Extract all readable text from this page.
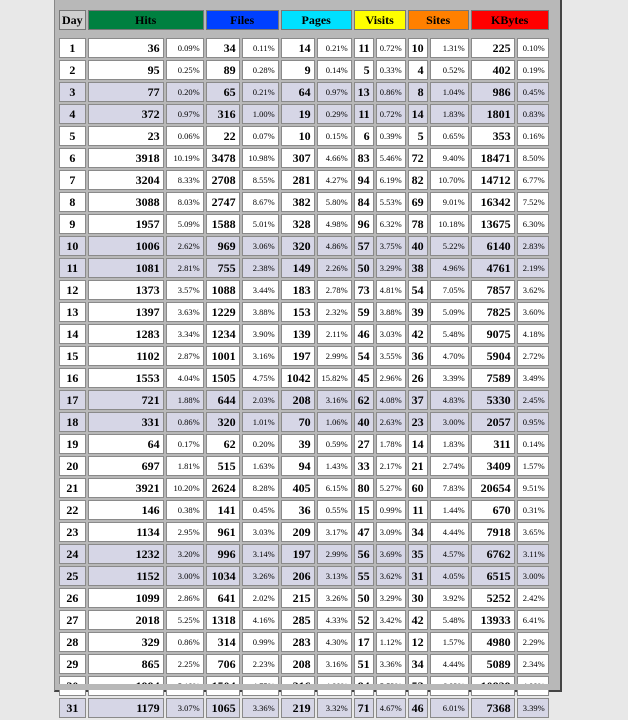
Day	Hits		Files		Pages		Visits		Sites		KBytes	

1	36	0.09%	34	0.11%	14	0.21%	11	0.72%	10	1.31%	225	0.10%
2	95	0.25%	89	0.28%	9	0.14%	5	0.33%	4	0.52%	402	0.19%
3	77	0.20%	65	0.21%	64	0.97%	13	0.86%	8	1.04%	986	0.45%
4	372	0.97%	316	1.00%	19	0.29%	11	0.72%	14	1.83%	1801	0.83%
5	23	0.06%	22	0.07%	10	0.15%	6	0.39%	5	0.65%	353	0.16%
6	3918	10.19%	3478	10.98%	307	4.66%	83	5.46%	72	9.40%	18471	8.50%
7	3204	8.33%	2708	8.55%	281	4.27%	94	6.19%	82	10.70%	14712	6.77%
8	3088	8.03%	2747	8.67%	382	5.80%	84	5.53%	69	9.01%	16342	7.52%
9	1957	5.09%	1588	5.01%	328	4.98%	96	6.32%	78	10.18%	13675	6.30%
10	1006	2.62%	969	3.06%	320	4.86%	57	3.75%	40	5.22%	6140	2.83%
11	1081	2.81%	755	2.38%	149	2.26%	50	3.29%	38	4.96%	4761	2.19%
12	1373	3.57%	1088	3.44%	183	2.78%	73	4.81%	54	7.05%	7857	3.62%
13	1397	3.63%	1229	3.88%	153	2.32%	59	3.88%	39	5.09%	7825	3.60%
14	1283	3.34%	1234	3.90%	139	2.11%	46	3.03%	42	5.48%	9075	4.18%
15	1102	2.87%	1001	3.16%	197	2.99%	54	3.55%	36	4.70%	5904	2.72%
16	1553	4.04%	1505	4.75%	1042	15.82%	45	2.96%	26	3.39%	7589	3.49%
17	721	1.88%	644	2.03%	208	3.16%	62	4.08%	37	4.83%	5330	2.45%
18	331	0.86%	320	1.01%	70	1.06%	40	2.63%	23	3.00%	2057	0.95%
19	64	0.17%	62	0.20%	39	0.59%	27	1.78%	14	1.83%	311	0.14%
20	697	1.81%	515	1.63%	94	1.43%	33	2.17%	21	2.74%	3409	1.57%
21	3921	10.20%	2624	8.28%	405	6.15%	80	5.27%	60	7.83%	20654	9.51%
22	146	0.38%	141	0.45%	36	0.55%	15	0.99%	11	1.44%	670	0.31%
23	1134	2.95%	961	3.03%	209	3.17%	47	3.09%	34	4.44%	7918	3.65%
24	1232	3.20%	996	3.14%	197	2.99%	56	3.69%	35	4.57%	6762	3.11%
25	1152	3.00%	1034	3.26%	206	3.13%	55	3.62%	31	4.05%	6515	3.00%
26	1099	2.86%	641	2.02%	215	3.26%	50	3.29%	30	3.92%	5252	2.42%
27	2018	5.25%	1318	4.16%	285	4.33%	52	3.42%	42	5.48%	13933	6.41%
28	329	0.86%	314	0.99%	283	4.30%	17	1.12%	12	1.57%	4980	2.29%
29	865	2.25%	706	2.23%	208	3.16%	51	3.36%	34	4.44%	5089	2.34%

31	1179	3.07%	1065	3.36%	219	3.32%	71	4.67%	46	6.01%	7368	3.39%
